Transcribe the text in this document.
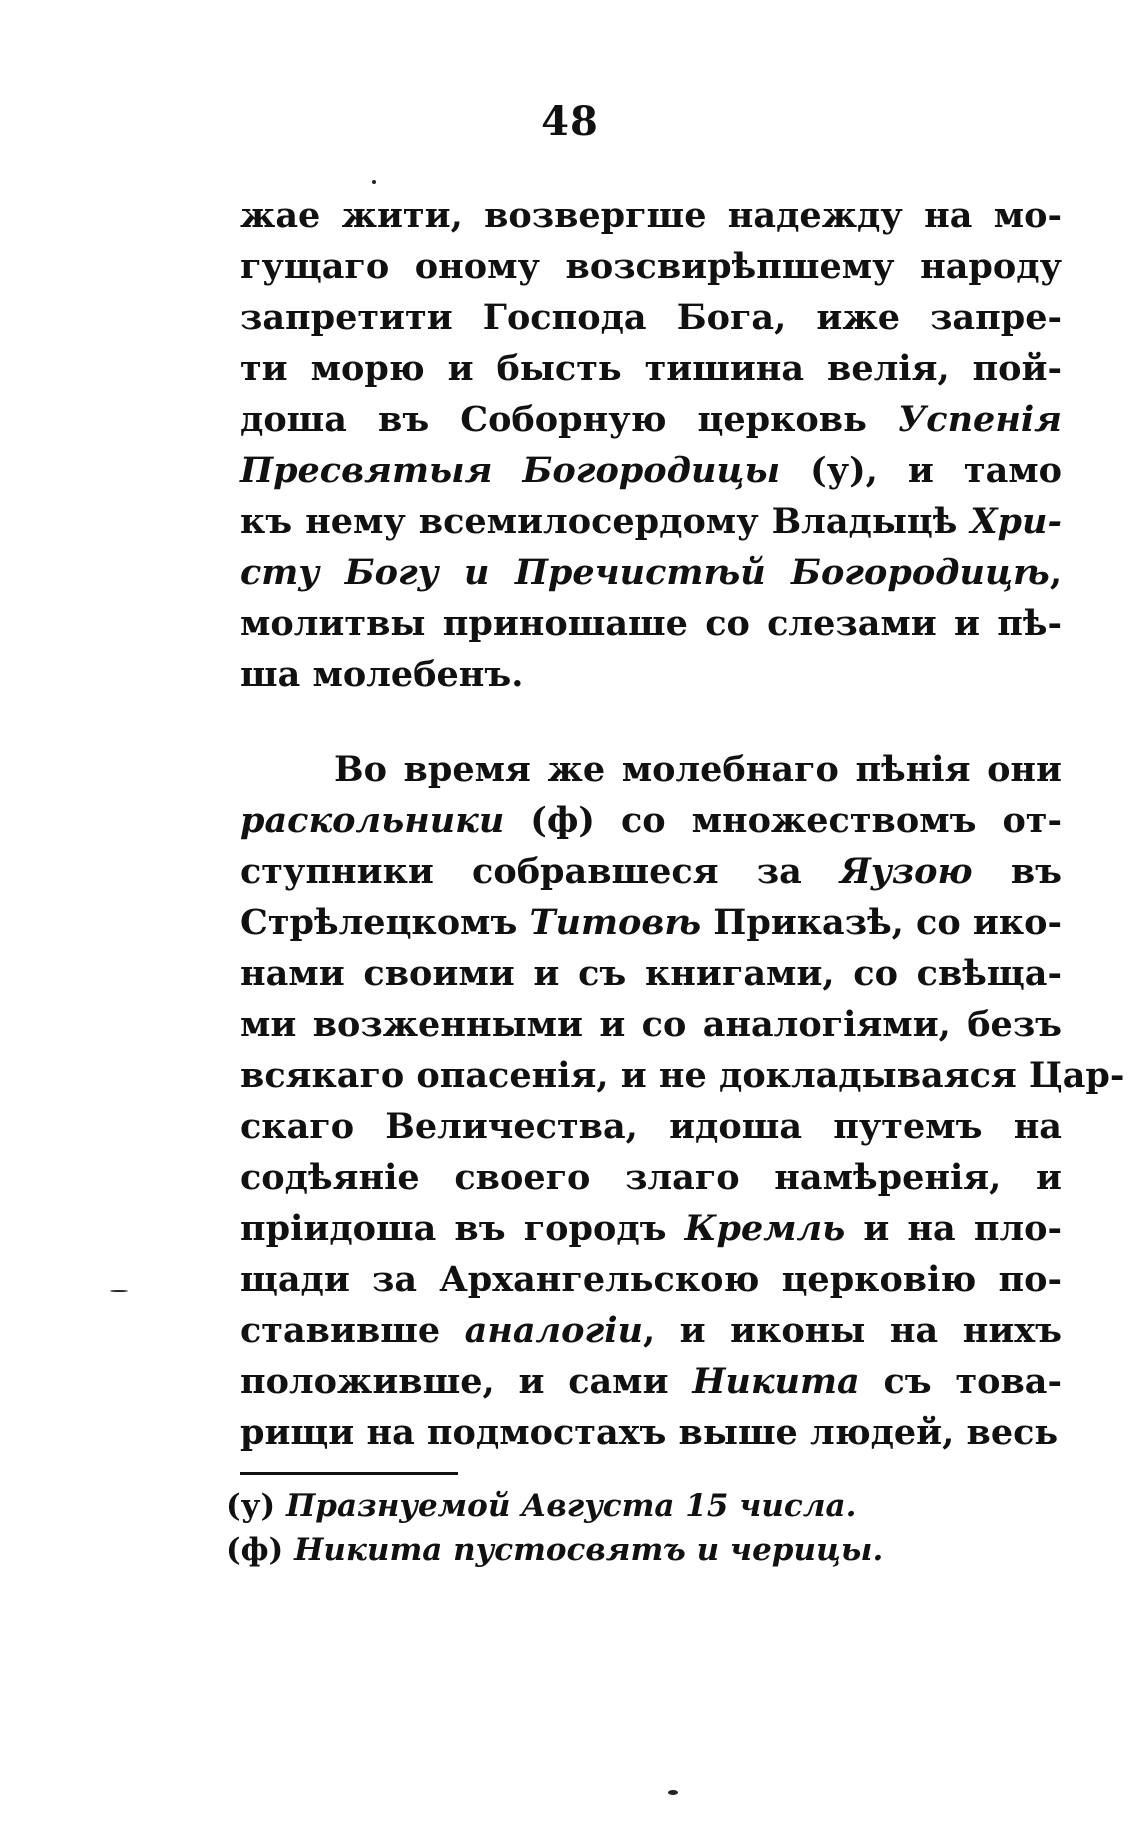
48
жае жити, возвергше надежду на мо-
гущаго оному возсвирѣпшему народу
запретити Господа Бога, иже запре-
ти морю и бысть тишина велія, пой-
доша въ Соборную церковь Успенія
Пресвятыя Богородицы (у), и тамо
къ нему всемилосердому Владыцѣ Хри-
сту Богу и Пречистѣй Богородицѣ,
молитвы приношаше со слезами и пѣ-
ша молебенъ.
Во время же молебнаго пѣнія они
раскольники (ф) со множествомъ от-
ступники собравшеся за Яузою въ
Стрѣлецкомъ Титовѣ Приказѣ, со ико-
нами своими и съ книгами, со свѣща-
ми возженными и со аналогіями, безъ
всякаго опасенія, и не докладываяся Цар-
скаго Величества, идоша путемъ на
содѣяніе своего злаго намѣренія, и
пріидоша въ городъ Кремль и на пло-
щади за Архангельскою церковію по-
ставивше аналогіи, и иконы на нихъ
положивше, и сами Никита съ това-
рищи на подмостахъ выше людей, весь
(у) Празнуемой Августа 15 числа.
(ф) Никита пустосвятъ и черицы.
